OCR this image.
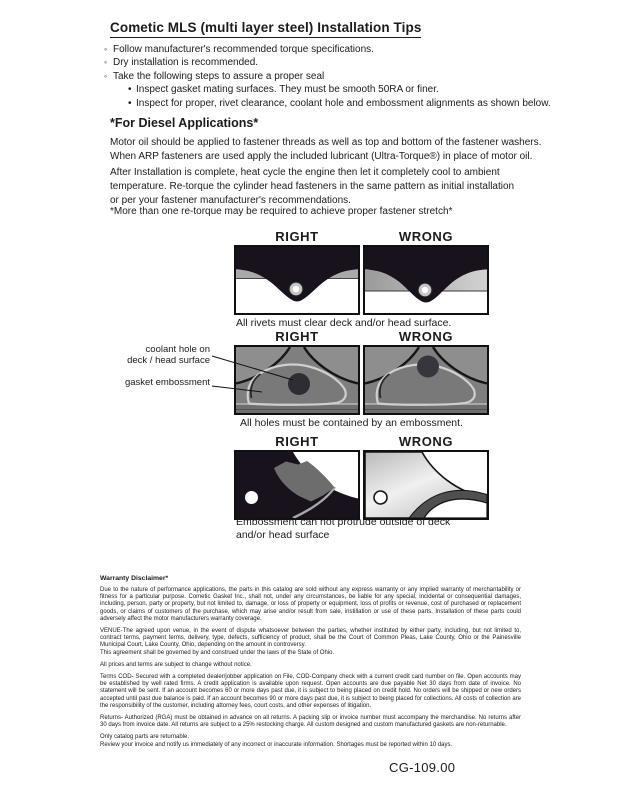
Cometic MLS (multi layer steel) Installation Tips
◦ Follow manufacturer's recommended torque specifications.
◦ Dry installation is recommended.
◦ Take the following steps to assure a proper seal
• Inspect gasket mating surfaces. They must be smooth 50RA or finer.
• Inspect for proper, rivet clearance, coolant hole and embossment alignments as shown below.
*For Diesel Applications*
Motor oil should be applied to fastener threads as well as top and bottom of the fastener washers.
When ARP fasteners are used apply the included lubricant (Ultra-Torque®) in place of motor oil.
After Installation is complete, heat cycle the engine then let it completely cool to ambient
temperature. Re-torque the cylinder head fasteners in the same pattern as initial installation
or per your fastener manufacturer's recommendations.
*More than one re-torque may be required to achieve proper fastener stretch*
RIGHT	WRONG
All rivets must clear deck and/or head surface.
RIGHT	WRONG
coolant hole on
deck / head surface
gasket embossment
All holes must be contained by an embossment.
RIGHT	WRONG
Embossment can not protrude outside of deck
and/or head surface
Warranty Disclaimer*

Due to the nature of performance applications, the parts in this catalog are sold without any express warranty or any implied warranty of merchantability or fitness for a particular purpose. Cometic Gasket Inc., shall not, under any circumstances, be liable for any special, incidental or consequential damages, including, person, party or property, but not limited to, damage, or loss of property or equipment, loss of profits or revenue, cost of purchased or replacement goods, or claims of customers of the purchase, which may arise and/or result from sale, instillation or use of these parts. Installation of these parts could adversely affect the motor manufacturers warranty coverage.

VENUE-The agreed upon venue, in the event of dispute whatsoever between the parties, whether instituted by either party, including, but not limited to, contract terms, payment terms, delivery, type, defects, sufficiency of product, shall be the Court of Common Pleas, Lake County, Ohio or the Painesville Municipal Court, Lake County, Ohio, depending on the amount in controversy.

This agreement shall be governed by and construed under the laws of the State of Ohio.

All prices and terms are subject to change without notice.

Terms COD- Secured with a completed dealer/jobber application on File, COD-Company check with a current credit card number on file. Open accounts may be established by well rated firms. A credit application is available upon request. Open accounts are due payable Net 30 days from date of invoice. No statement will be sent. If an account becomes 60 or more days past due, it is subject to being placed on credit hold. No orders will be shipped or new orders accepted until past due balance is paid. If an account becomes 90 or more days past due, it is subject to being placed for collections. All costs of collection are the responsibility of the customer, including attorney fees, court costs, and other expenses of litigation.

Returns- Authorized (RGA) must be obtained in advance on all returns. A packing slip or invoice number must accompany the merchandise. No returns after 30 days from invoice date. All returns are subject to a 25% restocking charge. All custom designed and custom manufactured gaskets are non-returnable.

Only catalog parts are returnable.

Review your invoice and notify us immediately of any incorrect or inaccurate information. Shortages must be reported within 10 days.

CG-109.00
